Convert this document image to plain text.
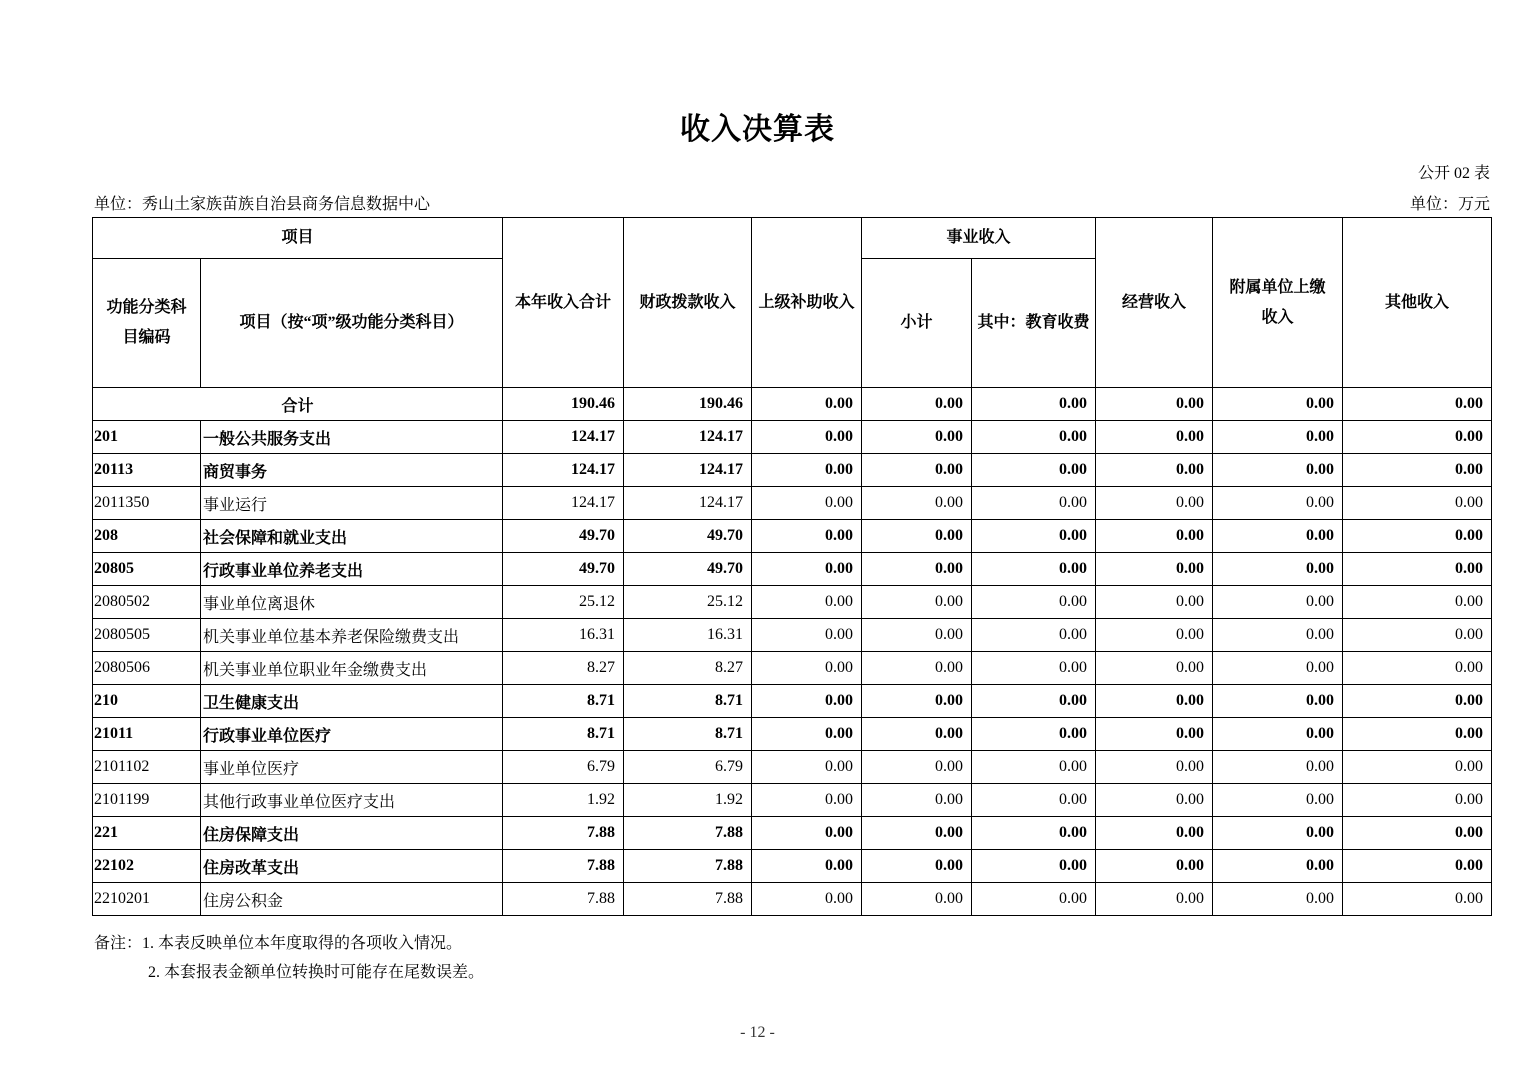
收入决算表
公开 02 表
单位：秀山土家族苗族自治县商务信息数据中心	单位：万元
项目		本年收入合计	财政拨款收入	上级补助收入	事业收入		经营收入	附属单位上缴收入	其他收入
功能分类科目编码	项目（按“项”级功能分类科目）				小计	其中：教育收费			
合计		190.46	190.46	0.00	0.00	0.00	0.00	0.00	0.00
201	一般公共服务支出	124.17	124.17	0.00	0.00	0.00	0.00	0.00	0.00
20113	商贸事务	124.17	124.17	0.00	0.00	0.00	0.00	0.00	0.00
2011350	事业运行	124.17	124.17	0.00	0.00	0.00	0.00	0.00	0.00
208	社会保障和就业支出	49.70	49.70	0.00	0.00	0.00	0.00	0.00	0.00
20805	行政事业单位养老支出	49.70	49.70	0.00	0.00	0.00	0.00	0.00	0.00
2080502	事业单位离退休	25.12	25.12	0.00	0.00	0.00	0.00	0.00	0.00
2080505	机关事业单位基本养老保险缴费支出	16.31	16.31	0.00	0.00	0.00	0.00	0.00	0.00
2080506	机关事业单位职业年金缴费支出	8.27	8.27	0.00	0.00	0.00	0.00	0.00	0.00
210	卫生健康支出	8.71	8.71	0.00	0.00	0.00	0.00	0.00	0.00
21011	行政事业单位医疗	8.71	8.71	0.00	0.00	0.00	0.00	0.00	0.00
2101102	事业单位医疗	6.79	6.79	0.00	0.00	0.00	0.00	0.00	0.00
2101199	其他行政事业单位医疗支出	1.92	1.92	0.00	0.00	0.00	0.00	0.00	0.00
221	住房保障支出	7.88	7.88	0.00	0.00	0.00	0.00	0.00	0.00
22102	住房改革支出	7.88	7.88	0.00	0.00	0.00	0.00	0.00	0.00
2210201	住房公积金	7.88	7.88	0.00	0.00	0.00	0.00	0.00	0.00
备注：1. 本表反映单位本年度取得的各项收入情况。
2. 本套报表金额单位转换时可能存在尾数误差。
- 12 -
